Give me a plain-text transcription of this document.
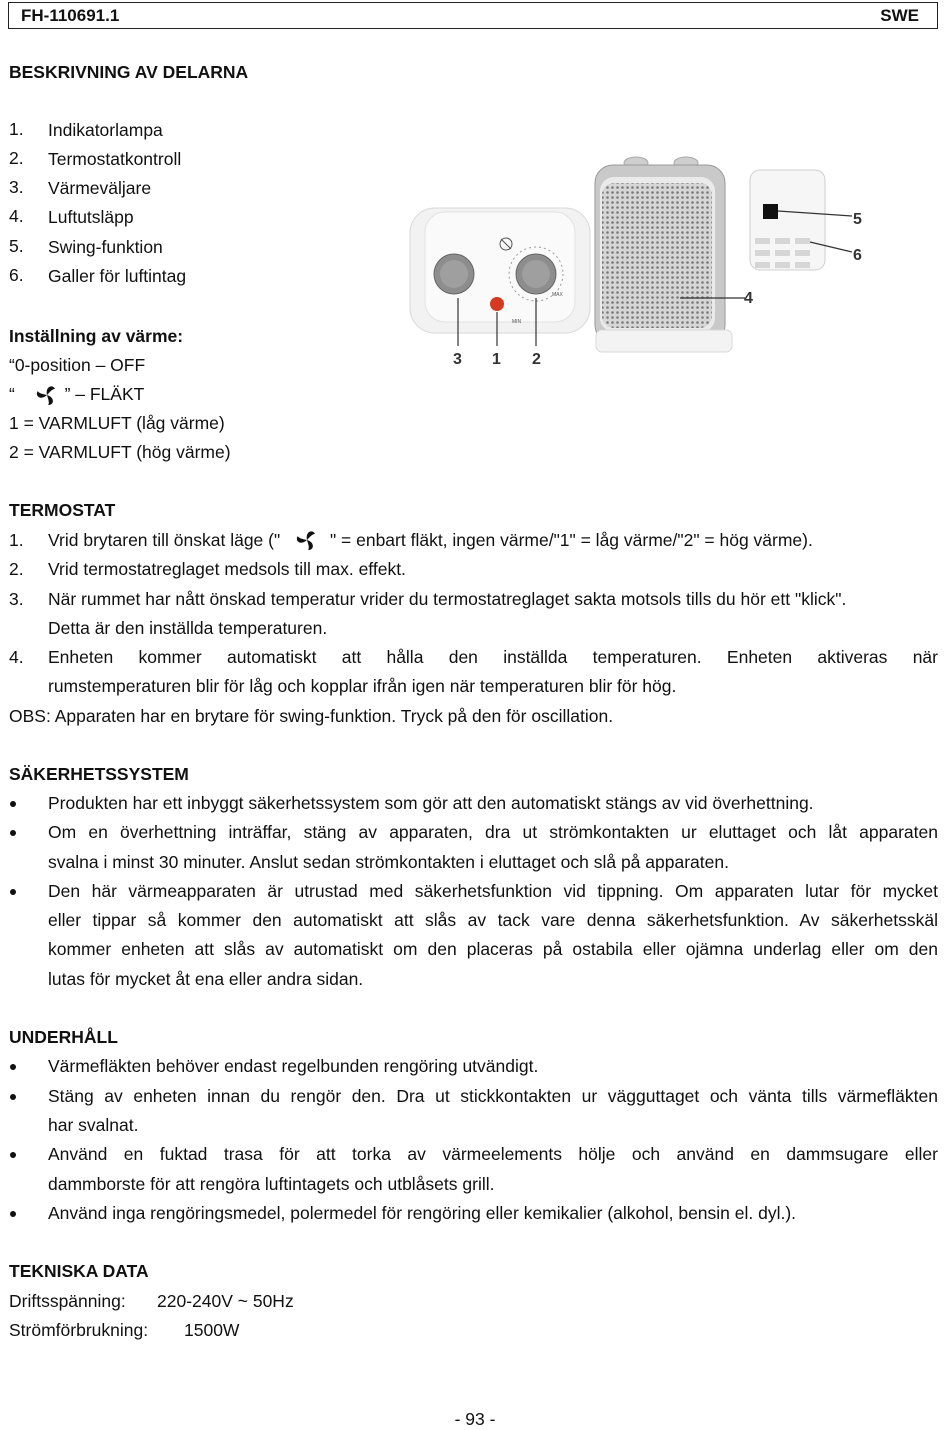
FH-110691.1	SWE
BESKRIVNING AV DELARNA
1. Indikatorlampa
2. Termostatkontroll
3. Värmeväljare
4. Luftutsläpp
5. Swing-funktion
6. Galler för luftintag
MIN
MAX
3 1 2
4
5
6
Inställning av värme:
“0-position – OFF
“	” – FLÄKT
1 = VARMLUFT (låg värme)
2 = VARMLUFT (hög värme)
TERMOSTAT
1. Vrid brytaren till önskat läge ("	" = enbart fläkt, ingen värme/"1" = låg värme/"2" = hög värme).
2. Vrid termostatreglaget medsols till max. effekt.
3. När rummet har nått önskad temperatur vrider du termostatreglaget sakta motsols tills du hör ett "klick".
Detta är den inställda temperaturen.
4. Enheten kommer automatiskt att hålla den inställda temperaturen. Enheten aktiveras när
rumstemperaturen blir för låg och kopplar ifrån igen när temperaturen blir för hög.
OBS: Apparaten har en brytare för swing-funktion. Tryck på den för oscillation.
SÄKERHETSSYSTEM
Produkten har ett inbyggt säkerhetssystem som gör att den automatiskt stängs av vid överhettning.
Om en överhettning inträffar, stäng av apparaten, dra ut strömkontakten ur eluttaget och låt apparaten
svalna i minst 30 minuter. Anslut sedan strömkontakten i eluttaget och slå på apparaten.
Den här värmeapparaten är utrustad med säkerhetsfunktion vid tippning. Om apparaten lutar för mycket
eller tippar så kommer den automatiskt att slås av tack vare denna säkerhetsfunktion. Av säkerhetsskäl
kommer enheten att slås av automatiskt om den placeras på ostabila eller ojämna underlag eller om den
lutas för mycket åt ena eller andra sidan.
UNDERHÅLL
Värmefläkten behöver endast regelbunden rengöring utvändigt.
Stäng av enheten innan du rengör den. Dra ut stickkontakten ur vägguttaget och vänta tills värmefläkten
har svalnat.
Använd en fuktad trasa för att torka av värmeelements hölje och använd en dammsugare eller
dammborste för att rengöra luftintagets och utblåsets grill.
Använd inga rengöringsmedel, polermedel för rengöring eller kemikalier (alkohol, bensin el. dyl.).
TEKNISKA DATA
Driftsspänning: 220-240V ~ 50Hz
Strömförbrukning: 1500W
- 93 -
